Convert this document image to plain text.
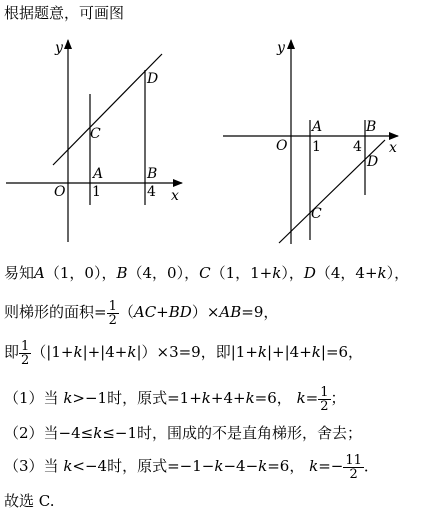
根据题意，可画图
y
x
O
A	B
C
D
1	4
y
x
O
A	B
C
D
1 4
易知A（1，0），B（4，0），C（1，1+k），D（4，4+k），
则梯形的面积= $\frac{1}{2} (AC+BD)\times AB=9$，
即 $\frac{1}{2} (|1+k|+|4+k|)\times 3=9$，即|1+k|+|4+k|=6，
（1）当 k>−1时，原式=1+k+4+k=6， $k= \frac{1}{2}$ ；
（2）当−4≤k≤−1时，围成的不是直角梯形，舍去；
（3）当 k<−4时，原式=−1−k−4−k=6， $k=- \frac{11}{2}$ ．
故选 C.
